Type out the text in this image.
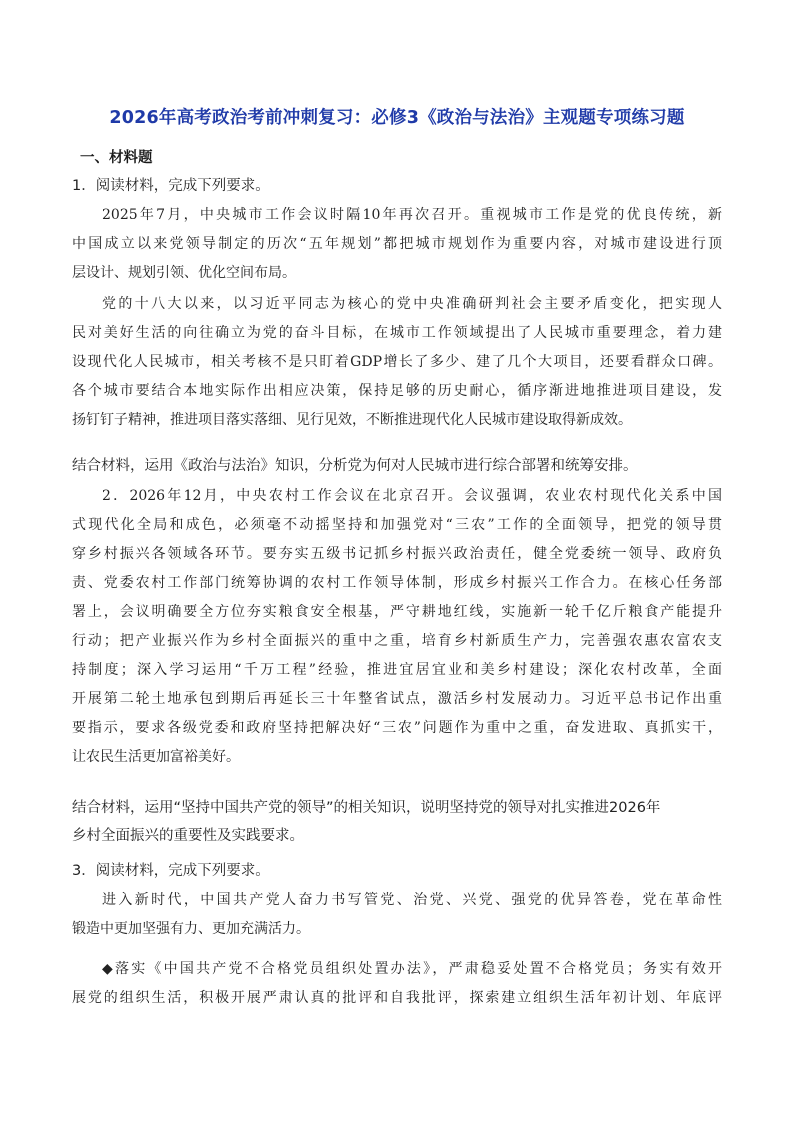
2026年高考政治考前冲刺复习：必修3《政治与法治》主观题专项练习题
一、材料题
1．阅读材料，完成下列要求。
2025年7月，中央城市工作会议时隔10年再次召开。重视城市工作是党的优良传统，新
中国成立以来党领导制定的历次“五年规划”都把城市规划作为重要内容，对城市建设进行顶
层设计、规划引领、优化空间布局。
党的十八大以来，以习近平同志为核心的党中央准确研判社会主要矛盾变化，把实现人
民对美好生活的向往确立为党的奋斗目标，在城市工作领域提出了人民城市重要理念，着力建
设现代化人民城市，相关考核不是只盯着GDP增长了多少、建了几个大项目，还要看群众口碑。
各个城市要结合本地实际作出相应决策，保持足够的历史耐心，循序渐进地推进项目建设，发
扬钉钉子精神，推进项目落实落细、见行见效，不断推进现代化人民城市建设取得新成效。
结合材料，运用《政治与法治》知识，分析党为何对人民城市进行综合部署和统筹安排。
2．2026年12月，中央农村工作会议在北京召开。会议强调，农业农村现代化关系中国
式现代化全局和成色，必须毫不动摇坚持和加强党对“三农”工作的全面领导，把党的领导贯
穿乡村振兴各领域各环节。要夯实五级书记抓乡村振兴政治责任，健全党委统一领导、政府负
责、党委农村工作部门统筹协调的农村工作领导体制，形成乡村振兴工作合力。在核心任务部
署上，会议明确要全方位夯实粮食安全根基，严守耕地红线，实施新一轮千亿斤粮食产能提升
行动；把产业振兴作为乡村全面振兴的重中之重，培育乡村新质生产力，完善强农惠农富农支
持制度；深入学习运用“千万工程”经验，推进宜居宜业和美乡村建设；深化农村改革，全面
开展第二轮土地承包到期后再延长三十年整省试点，激活乡村发展动力。习近平总书记作出重
要指示，要求各级党委和政府坚持把解决好“三农”问题作为重中之重，奋发进取、真抓实干，
让农民生活更加富裕美好。
结合材料，运用“坚持中国共产党的领导”的相关知识，说明坚持党的领导对扎实推进2026年
乡村全面振兴的重要性及实践要求。
3．阅读材料，完成下列要求。
进入新时代，中国共产党人奋力书写管党、治党、兴党、强党的优异答卷，党在革命性
锻造中更加坚强有力、更加充满活力。
◆落实《中国共产党不合格党员组织处置办法》，严肃稳妥处置不合格党员；务实有效开
展党的组织生活，积极开展严肃认真的批评和自我批评，探索建立组织生活年初计划、年底评
